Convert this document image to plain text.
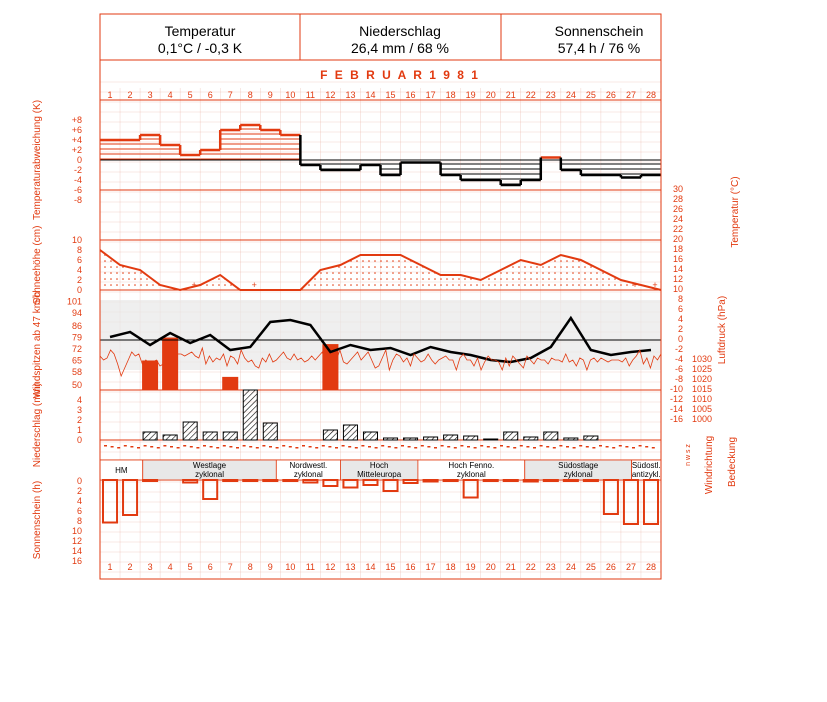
1
1
2
2
3
3
4
4
5
5
6
6
7
7
8
8
9
9
10
10
11
11
12
12
13
13
14
14
15
15
16
16
17
17
18
18
19
19
20
20
21
21
22
22
23
23
24
24
25
25
26
26
27
27
28
28
+8
+6
+4
+2
0
-2
-4
-6
-8
30
28
26
24
22
20
18
16
14
12
10
8
6
4
2
0
-2
-4
-6
-8
-10
-12
-14
-16
10
8
6
4
2
0	+	+	+ +
101
94
86
79
72
65
58
50
1030
1025
1020
1015
1010
1005
1000
4
3
2
1
0
HM
Westlage
zyklonal
Nordwestl.
zyklonal
Hoch
Mitteleuropa
Hoch Fenno.
zyklonal
Südostlage
zyklonal
Südostl.
antizykl.
0
2
4
6
8
10
12
14
16
Temperatur
0,1°C / -0,3 K
Niederschlag
26,4 mm / 68 %
Sonnenschein
57,4 h / 76 %
F E B R U A R 1 9 8 1
Temperaturabweichung (K)
Schneehöhe (cm)
Windspitzen ab 47 km/h
Niederschlag (mm)
Sonnenschein (h)
Temperatur (°C)
Luftdruck (hPa)
Windrichtung Bedeckung
n w s z
